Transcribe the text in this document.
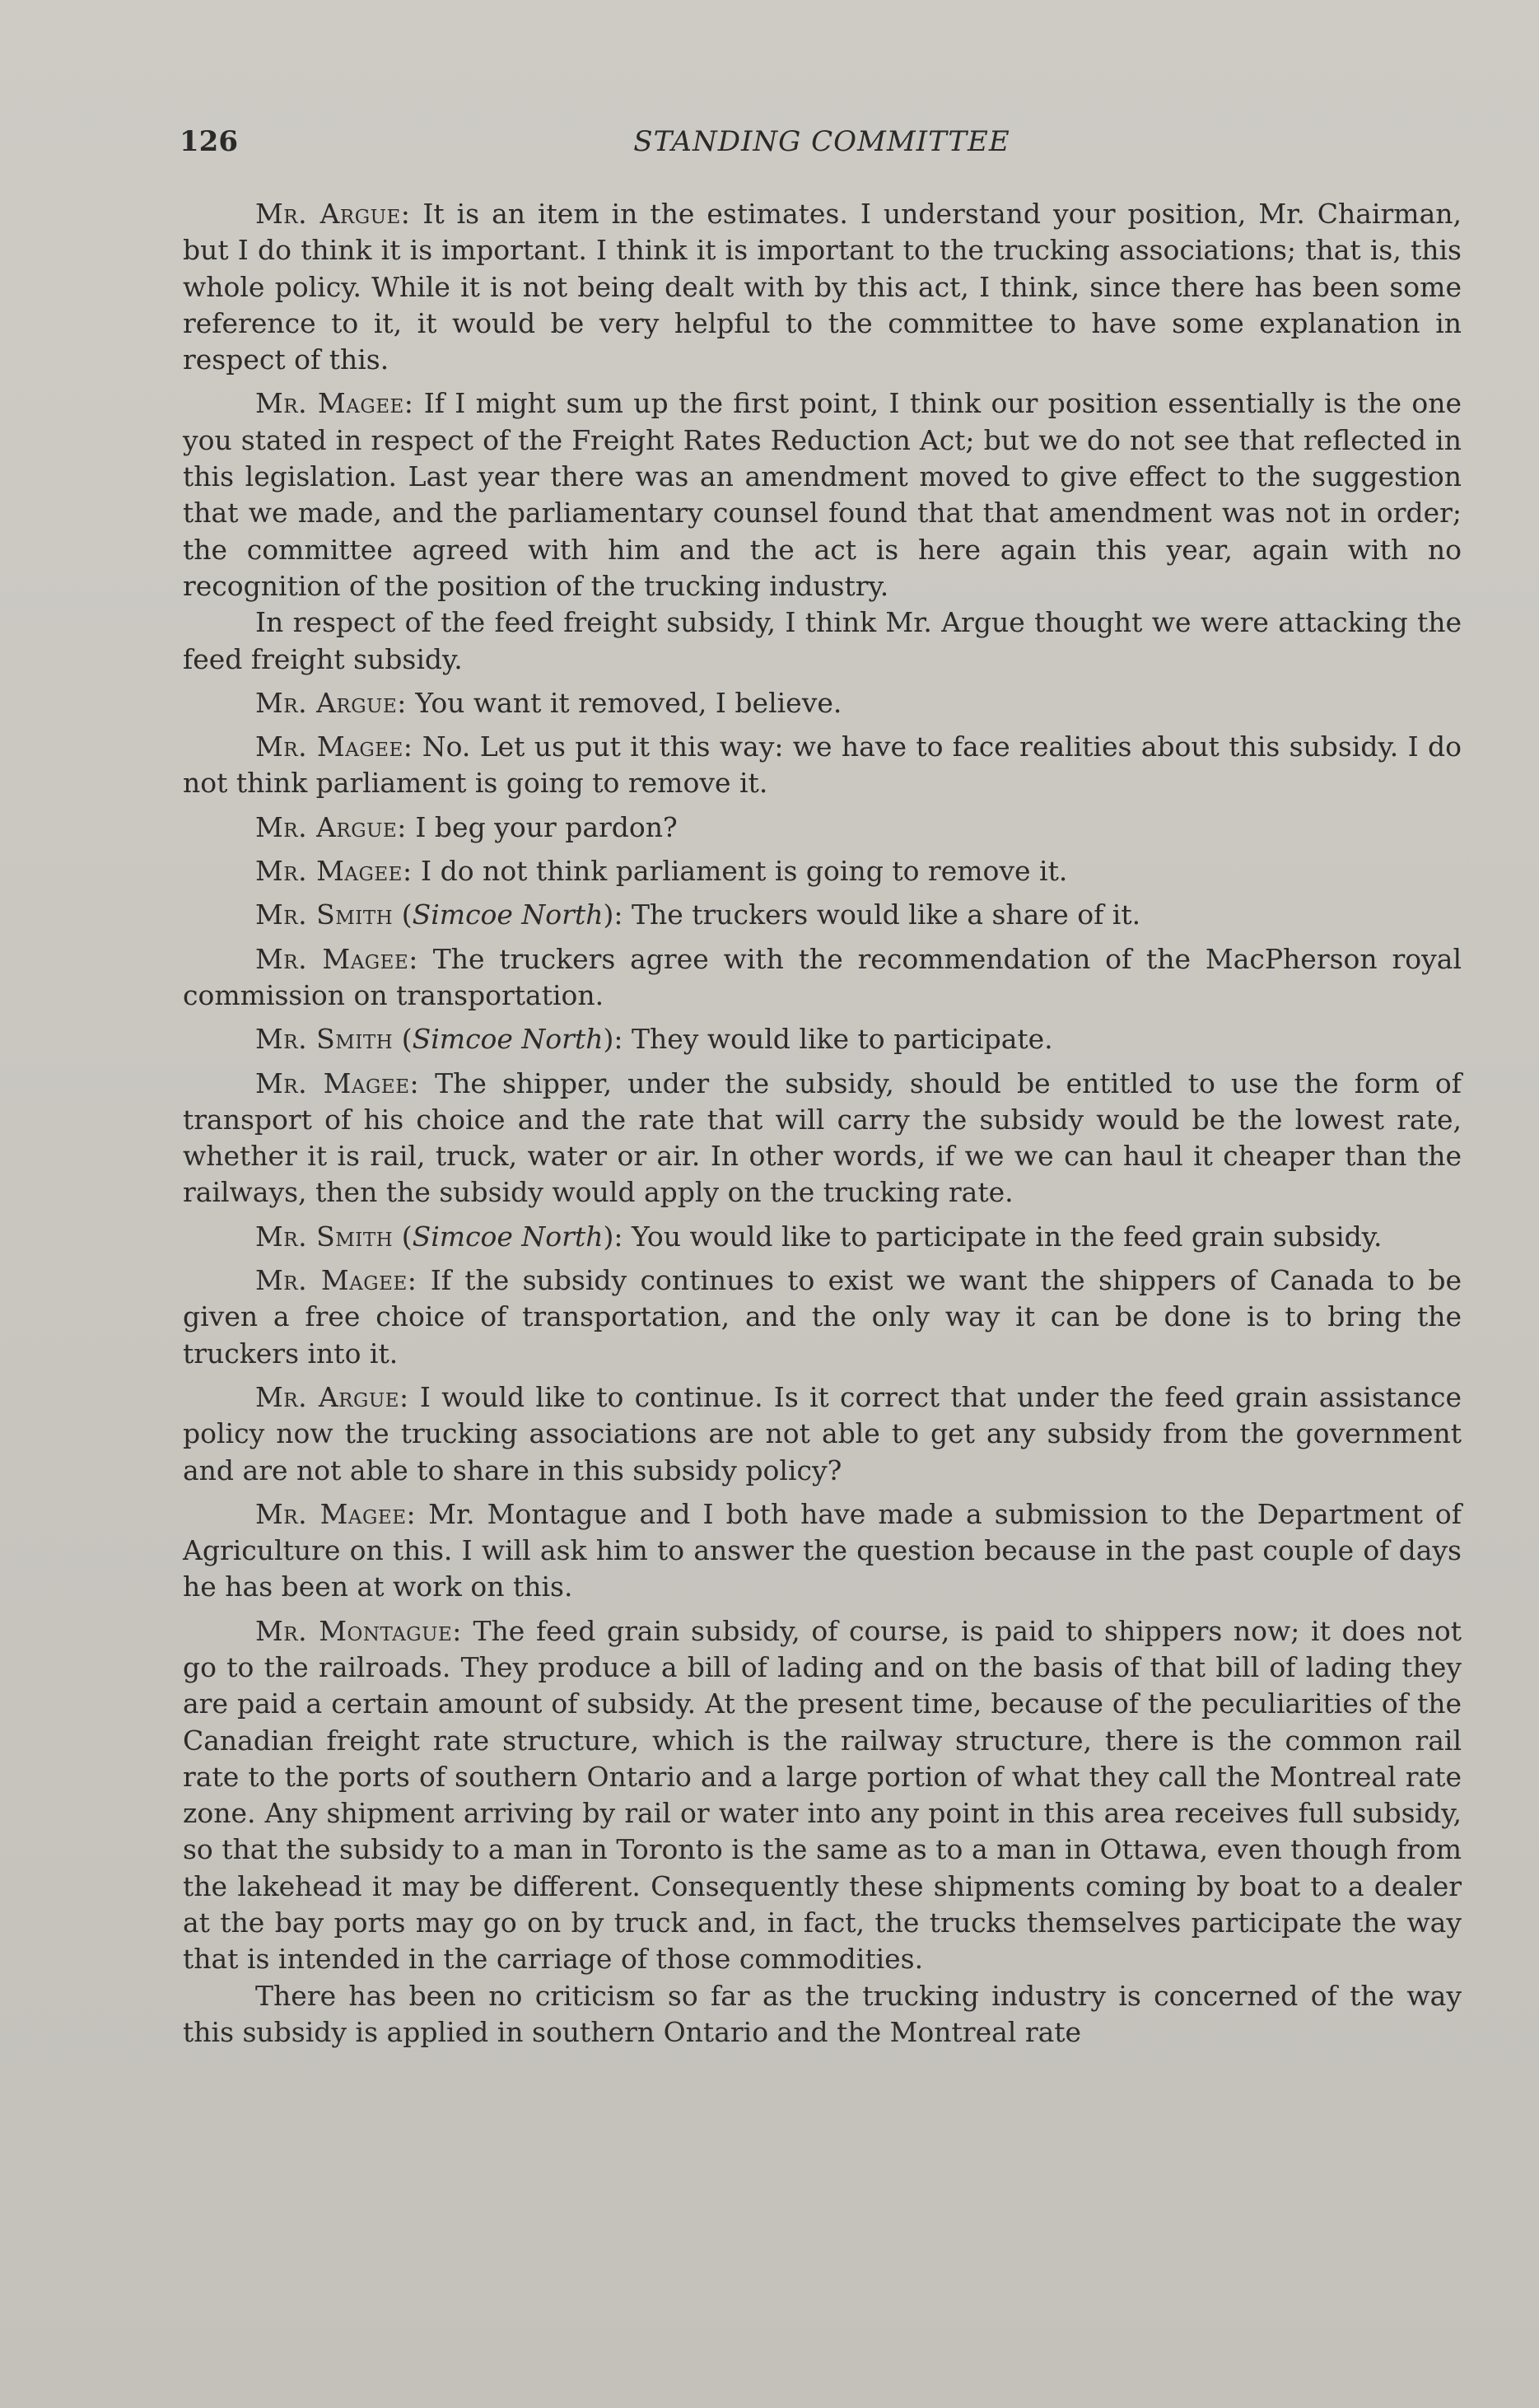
126	STANDING COMMITTEE

Mr. Argue: It is an item in the estimates. I understand your position, Mr. Chairman, but I do think it is important. I think it is important to the trucking associations; that is, this whole policy. While it is not being dealt with by this act, I think, since there has been some reference to it, it would be very helpful to the committee to have some explanation in respect of this.

Mr. Magee: If I might sum up the first point, I think our position essentially is the one you stated in respect of the Freight Rates Reduction Act; but we do not see that reflected in this legislation. Last year there was an amendment moved to give effect to the suggestion that we made, and the parliamentary counsel found that that amendment was not in order; the committee agreed with him and the act is here again this year, again with no recognition of the position of the trucking industry.

In respect of the feed freight subsidy, I think Mr. Argue thought we were attacking the feed freight subsidy.

Mr. Argue: You want it removed, I believe.

Mr. Magee: No. Let us put it this way: we have to face realities about this subsidy. I do not think parliament is going to remove it.

Mr. Argue: I beg your pardon?

Mr. Magee: I do not think parliament is going to remove it.

Mr. Smith (Simcoe North): The truckers would like a share of it.

Mr. Magee: The truckers agree with the recommendation of the MacPherson royal commission on transportation.

Mr. Smith (Simcoe North): They would like to participate.

Mr. Magee: The shipper, under the subsidy, should be entitled to use the form of transport of his choice and the rate that will carry the subsidy would be the lowest rate, whether it is rail, truck, water or air. In other words, if we we can haul it cheaper than the railways, then the subsidy would apply on the trucking rate.

Mr. Smith (Simcoe North): You would like to participate in the feed grain subsidy.

Mr. Magee: If the subsidy continues to exist we want the shippers of Canada to be given a free choice of transportation, and the only way it can be done is to bring the truckers into it.

Mr. Argue: I would like to continue. Is it correct that under the feed grain assistance policy now the trucking associations are not able to get any subsidy from the government and are not able to share in this subsidy policy?

Mr. Magee: Mr. Montague and I both have made a submission to the Department of Agriculture on this. I will ask him to answer the question because in the past couple of days he has been at work on this.

Mr. Montague: The feed grain subsidy, of course, is paid to shippers now; it does not go to the railroads. They produce a bill of lading and on the basis of that bill of lading they are paid a certain amount of subsidy. At the present time, because of the peculiarities of the Canadian freight rate structure, which is the railway structure, there is the common rail rate to the ports of southern Ontario and a large portion of what they call the Montreal rate zone. Any shipment arriving by rail or water into any point in this area receives full subsidy, so that the subsidy to a man in Toronto is the same as to a man in Ottawa, even though from the lakehead it may be different. Consequently these shipments coming by boat to a dealer at the bay ports may go on by truck and, in fact, the trucks themselves participate the way that is intended in the carriage of those commodities.

There has been no criticism so far as the trucking industry is concerned of the way this subsidy is applied in southern Ontario and the Montreal rate
